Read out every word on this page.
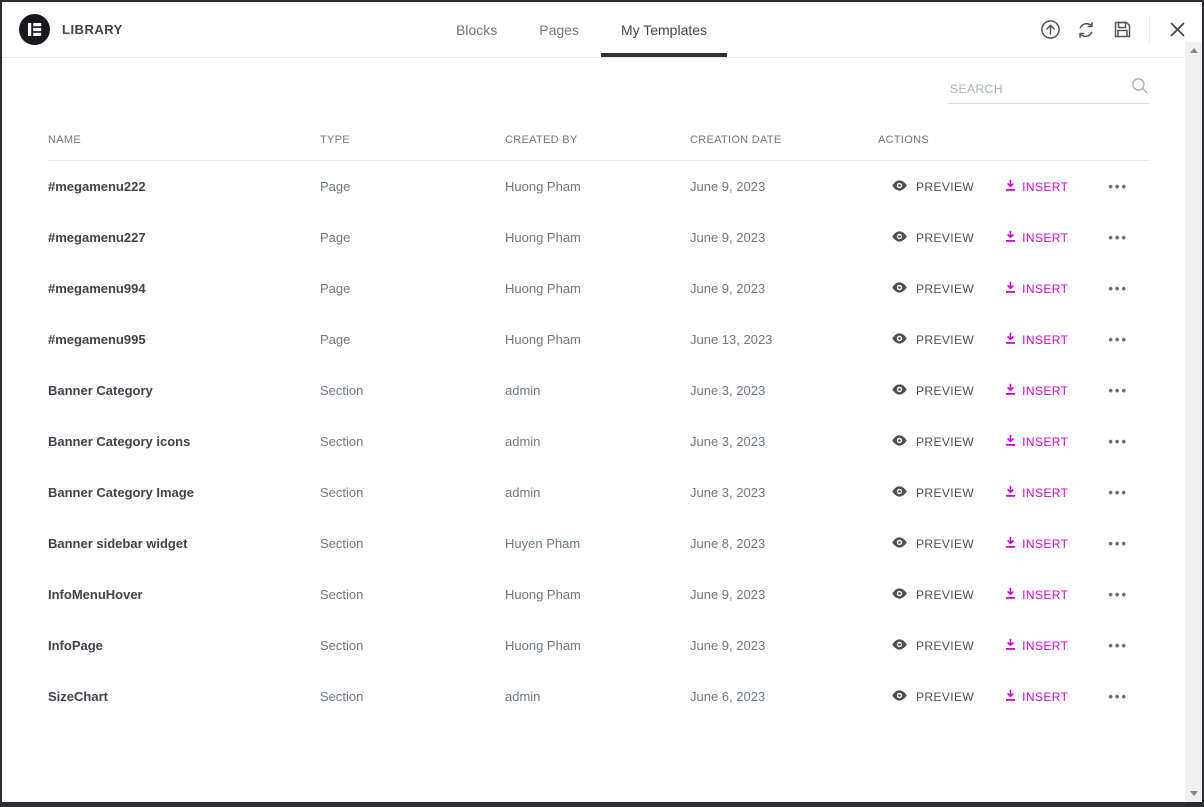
LIBRARY	Blocks	Pages	My Templates
SEARCH
NAME	TYPE	CREATED BY	CREATION DATE	ACTIONS
#megamenu222	Page	Huong Pham	June 9, 2023	PREVIEW	INSERT	•••
#megamenu227	Page	Huong Pham	June 9, 2023	PREVIEW	INSERT	•••
#megamenu994	Page	Huong Pham	June 9, 2023	PREVIEW	INSERT	•••
#megamenu995	Page	Huong Pham	June 13, 2023	PREVIEW	INSERT	•••
Banner Category	Section	admin	June 3, 2023	PREVIEW	INSERT	•••
Banner Category icons	Section	admin	June 3, 2023	PREVIEW	INSERT	•••
Banner Category Image	Section	admin	June 3, 2023	PREVIEW	INSERT	•••
Banner sidebar widget	Section	Huyen Pham	June 8, 2023	PREVIEW	INSERT	•••
InfoMenuHover	Section	Huong Pham	June 9, 2023	PREVIEW	INSERT	•••
InfoPage	Section	Huong Pham	June 9, 2023	PREVIEW	INSERT	•••
SizeChart	Section	admin	June 6, 2023	PREVIEW	INSERT	•••
